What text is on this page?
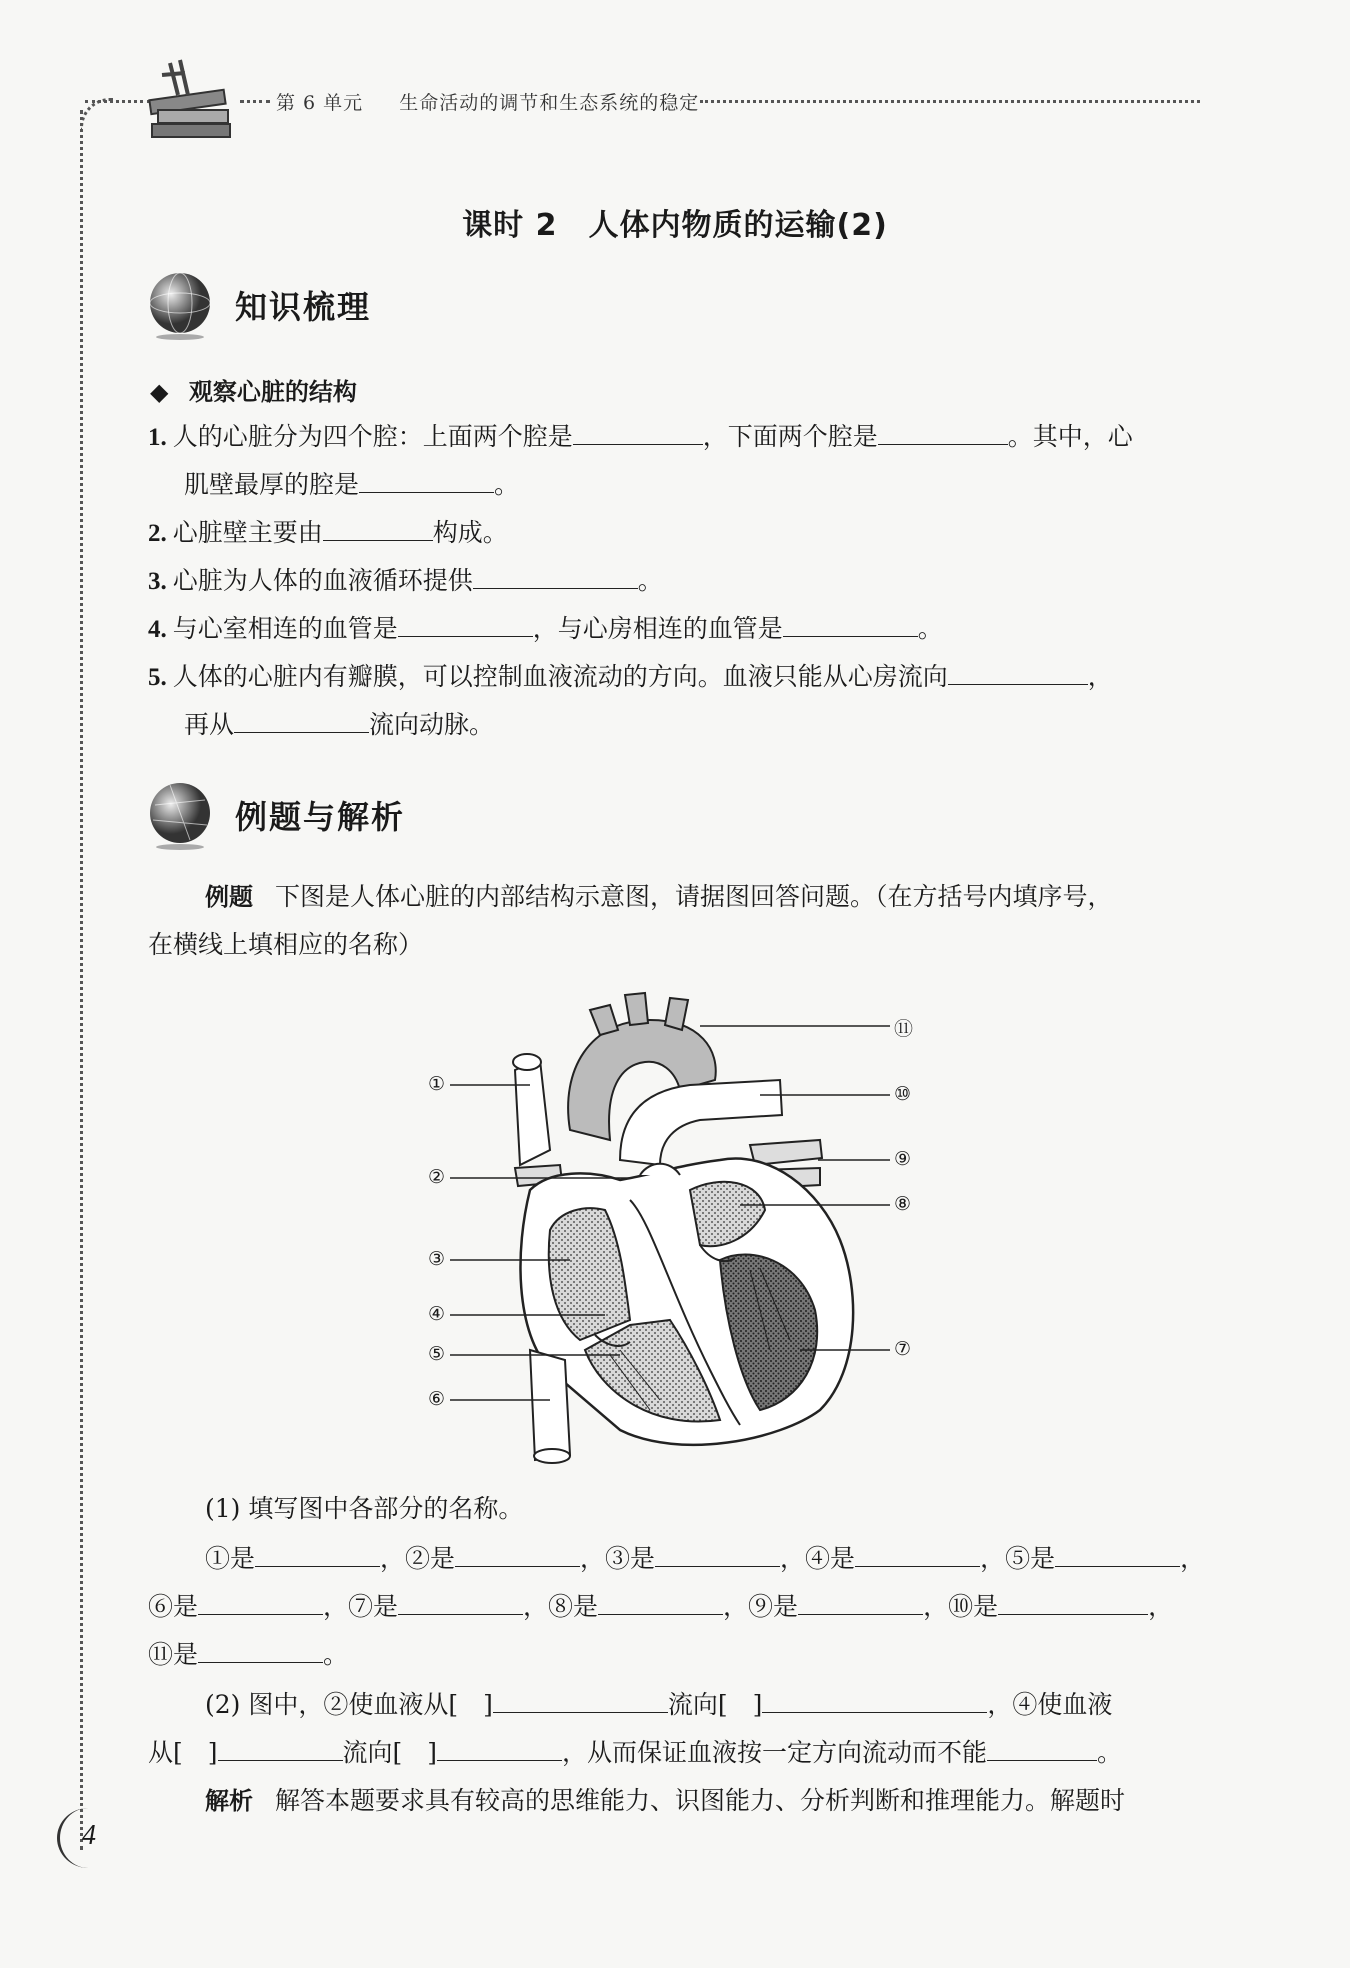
第 6 单元 生命活动的调节和生态系统的稳定
课时 2　人体内物质的运输(2)
知识梳理
◆ 观察心脏的结构
1. 人的心脏分为四个腔：上面两个腔是	，下面两个腔是	。其中，心
肌壁最厚的腔是	。
2. 心脏壁主要由	构成。
3. 心脏为人体的血液循环提供	。
4. 与心室相连的血管是	，与心房相连的血管是	。
5. 人体的心脏内有瓣膜，可以控制血液流动的方向。血液只能从心房流向	，
再从	流向动脉。
例题与解析
例题 下图是人体心脏的内部结构示意图，请据图回答问题。（在方括号内填序号，
在横线上填相应的名称）
①
②
③
④
⑤
⑥
⑦
⑧
⑨
⑩
⑪
(1) 填写图中各部分的名称。
①是	，②是	，③是	，④是	，⑤是	，
⑥是	，⑦是	，⑧是	，⑨是	，⑩是	，
⑪是	。
(2) 图中，②使血液从[　]	流向[　]	，④使血液
从[　]	流向[　]	，从而保证血液按一定方向流动而不能	。
解析 解答本题要求具有较高的思维能力、识图能力、分析判断和推理能力。解题时
4
